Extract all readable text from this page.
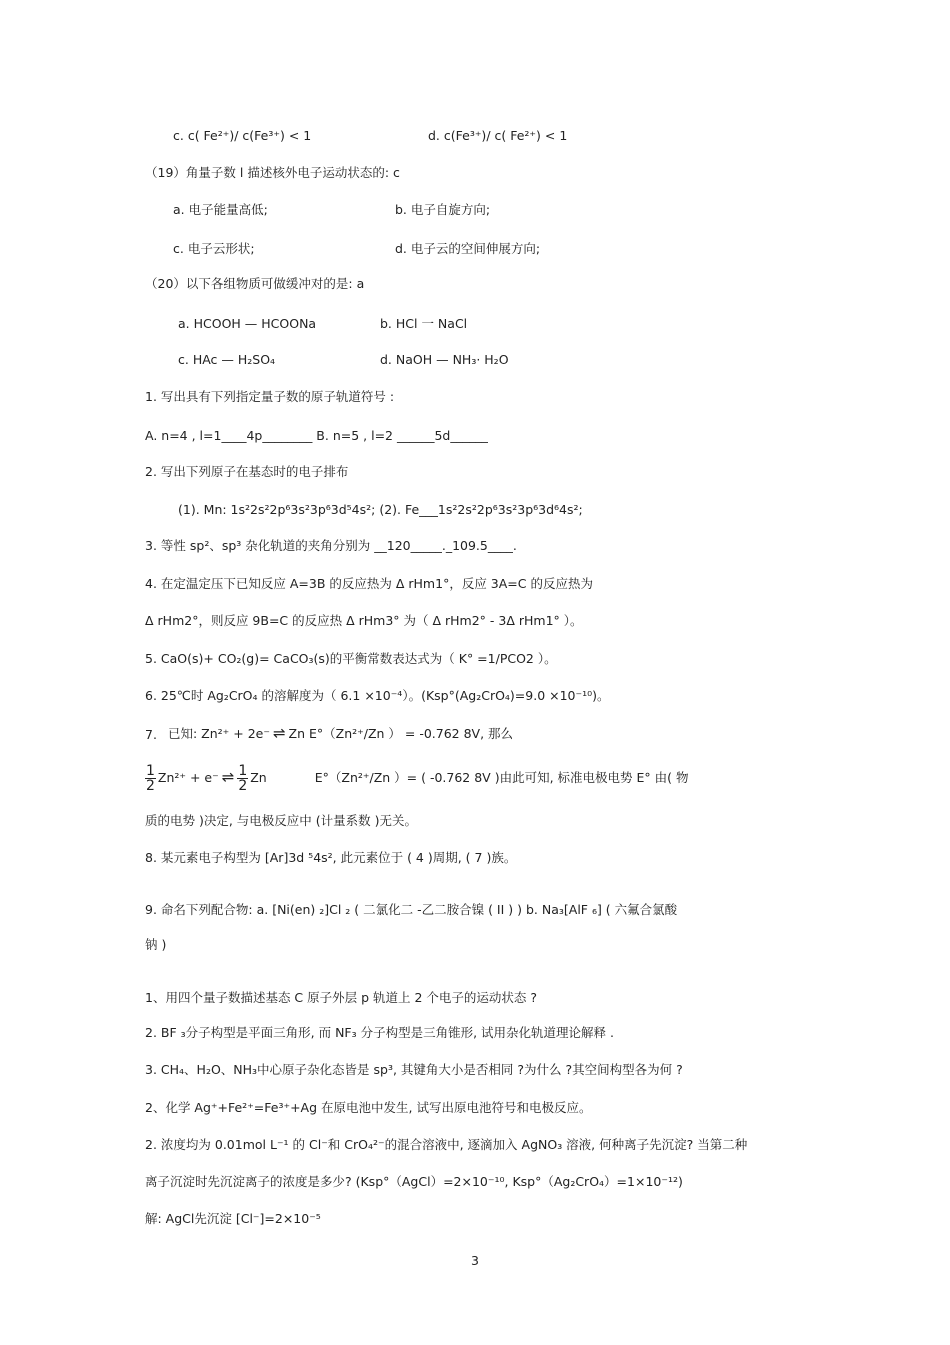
c. c( Fe²⁺)/ c(Fe³⁺) < 1	d. c(Fe³⁺)/ c( Fe²⁺) < 1
（19）角量子数 l 描述核外电子运动状态的: c
a. 电子能量高低;	b. 电子自旋方向;
c. 电子云形状;	d. 电子云的空间伸展方向;
（20）以下各组物质可做缓冲对的是: a
a. HCOOH — HCOONa	b. HCl 一 NaCl
c. HAc — H₂SO₄	d. NaOH — NH₃· H₂O
1. 写出具有下列指定量子数的原子轨道符号 :
A. n=4 , l=1____4p________ B. n=5 , l=2 ______5d______
2. 写出下列原子在基态时的电子排布
(1). Mn: 1s²2s²2p⁶3s²3p⁶3d⁵4s²; (2). Fe___1s²2s²2p⁶3s²3p⁶3d⁶4s²;
3. 等性 sp²、sp³ 杂化轨道的夹角分别为 __120_____._109.5____.
4. 在定温定压下已知反应 A=3B 的反应热为 Δ rHm1°，反应 3A=C 的反应热为
Δ rHm2°，则反应 9B=C 的反应热 Δ rHm3° 为（ Δ rHm2° - 3Δ rHm1° ）。
5. CaO(s)+ CO₂(g)= CaCO₃(s)的平衡常数表达式为（ K° =1/PCO2 ）。
6. 25℃时 Ag₂CrO₄ 的溶解度为（ 6.1 ×10⁻⁴）。(Ksp°(Ag₂CrO₄)=9.0 ×10⁻¹⁰)。
7. 已知: Zn²⁺ + 2e⁻ ⇌ Zn E°（Zn²⁺/Zn ） = -0.762 8V, 那么
$\frac{1}{2} Zn^{2+} + e^-$ ⇌ $\frac{1}{2}$ Zn	E°（Zn²⁺/Zn ）= ( -0.762 8V )由此可知, 标准电极电势 E° 由( 物
质的电势 )决定, 与电极反应中 (计量系数 )无关。
8. 某元素电子构型为 [Ar]3d ⁵4s², 此元素位于 ( 4 )周期, ( 7 )族。
9. 命名下列配合物: a. [Ni(en) ₂]Cl ₂ ( 二氯化二 -乙二胺合镍 ( II ) ) b. Na₃[AlF ₆] ( 六氟合氯酸
钠 )
1、用四个量子数描述基态 C 原子外层 p 轨道上 2 个电子的运动状态 ?
2. BF ₃分子构型是平面三角形, 而 NF₃ 分子构型是三角锥形, 试用杂化轨道理论解释 .
3. CH₄、H₂O、NH₃中心原子杂化态皆是 sp³, 其键角大小是否相同 ?为什么 ?其空间构型各为何 ?
2、化学 Ag⁺+Fe²⁺=Fe³⁺+Ag 在原电池中发生, 试写出原电池符号和电极反应。
2. 浓度均为 0.01mol L⁻¹ 的 Cl⁻和 CrO₄²⁻的混合溶液中, 逐滴加入 AgNO₃ 溶液, 何种离子先沉淀? 当第二种
离子沉淀时先沉淀离子的浓度是多少? (Ksp°（AgCl）=2×10⁻¹⁰, Ksp°（Ag₂CrO₄）=1×10⁻¹²)
解: AgCl先沉淀 [Cl⁻]=2×10⁻⁵
3
